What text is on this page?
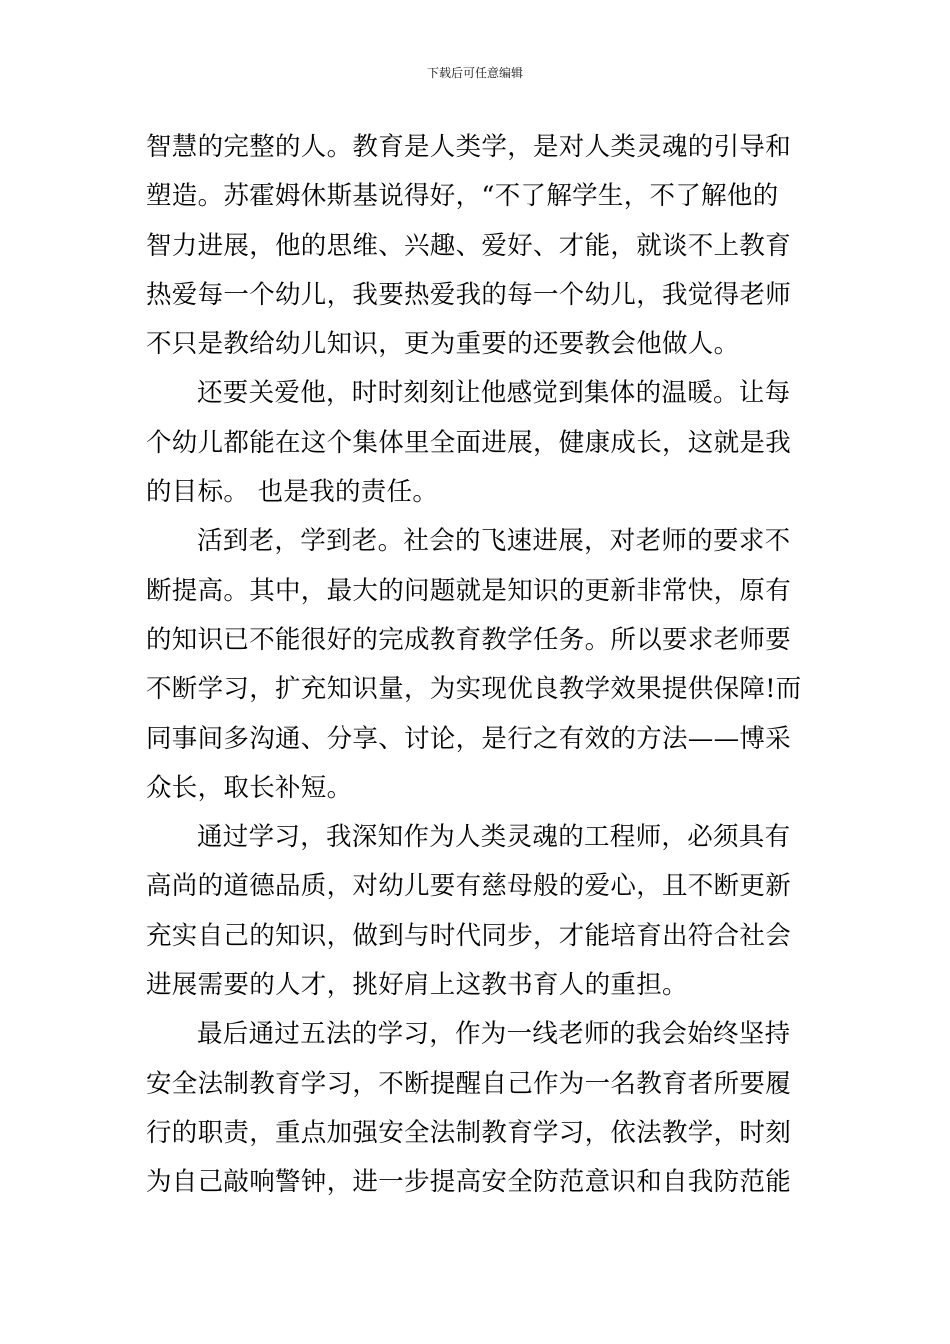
下载后可任意编辑
智慧的完整的人。教育是人类学，是对人类灵魂的引导和
塑造。苏霍姆休斯基说得好，“不了解学生，不了解他的
智力进展，他的思维、兴趣、爱好、才能，就谈不上教育
热爱每一个幼儿，我要热爱我的每一个幼儿，我觉得老师
不只是教给幼儿知识，更为重要的还要教会他做人。
还要关爱他，时时刻刻让他感觉到集体的温暖。让每
个幼儿都能在这个集体里全面进展，健康成长，这就是我
的目标。 也是我的责任。
活到老，学到老。社会的飞速进展，对老师的要求不
断提高。其中，最大的问题就是知识的更新非常快，原有
的知识已不能很好的完成教育教学任务。所以要求老师要
不断学习，扩充知识量，为实现优良教学效果提供保障!而
同事间多沟通、分享、讨论，是行之有效的方法——博采
众长，取长补短。
通过学习，我深知作为人类灵魂的工程师，必须具有
高尚的道德品质，对幼儿要有慈母般的爱心，且不断更新
充实自己的知识，做到与时代同步，才能培育出符合社会
进展需要的人才，挑好肩上这教书育人的重担。
最后通过五法的学习，作为一线老师的我会始终坚持
安全法制教育学习，不断提醒自己作为一名教育者所要履
行的职责，重点加强安全法制教育学习，依法教学，时刻
为自己敲响警钟，进一步提高安全防范意识和自我防范能
